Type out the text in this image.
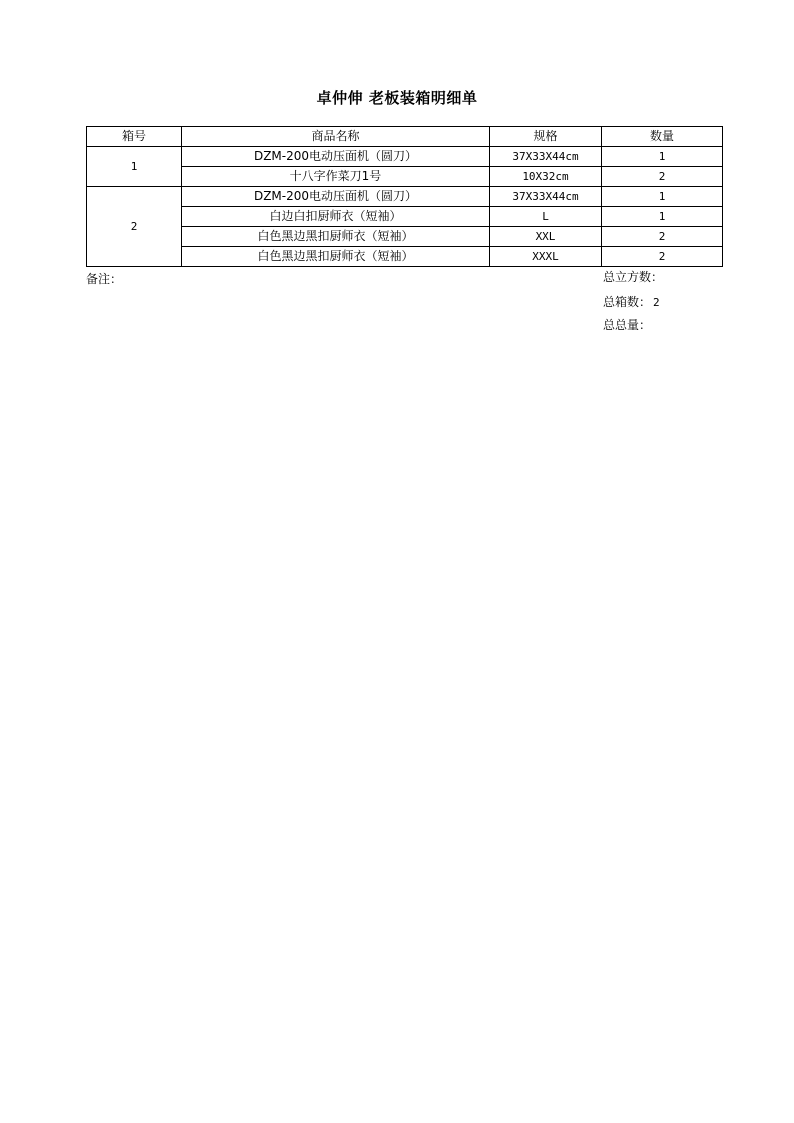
卓仲伸 老板装箱明细单
箱号	商品名称	规格	数量
1	DZM-200电动压面机（圆刀）	37X33X44cm	1
	十八字作菜刀1号	10X32cm	2
2	DZM-200电动压面机（圆刀）	37X33X44cm	1
	白边白扣厨师衣（短袖）	L	1
	白色黑边黑扣厨师衣（短袖）	XXL	2
	白色黑边黑扣厨师衣（短袖）	XXXL	2
备注：	总立方数：
总箱数： 2
总总量：
